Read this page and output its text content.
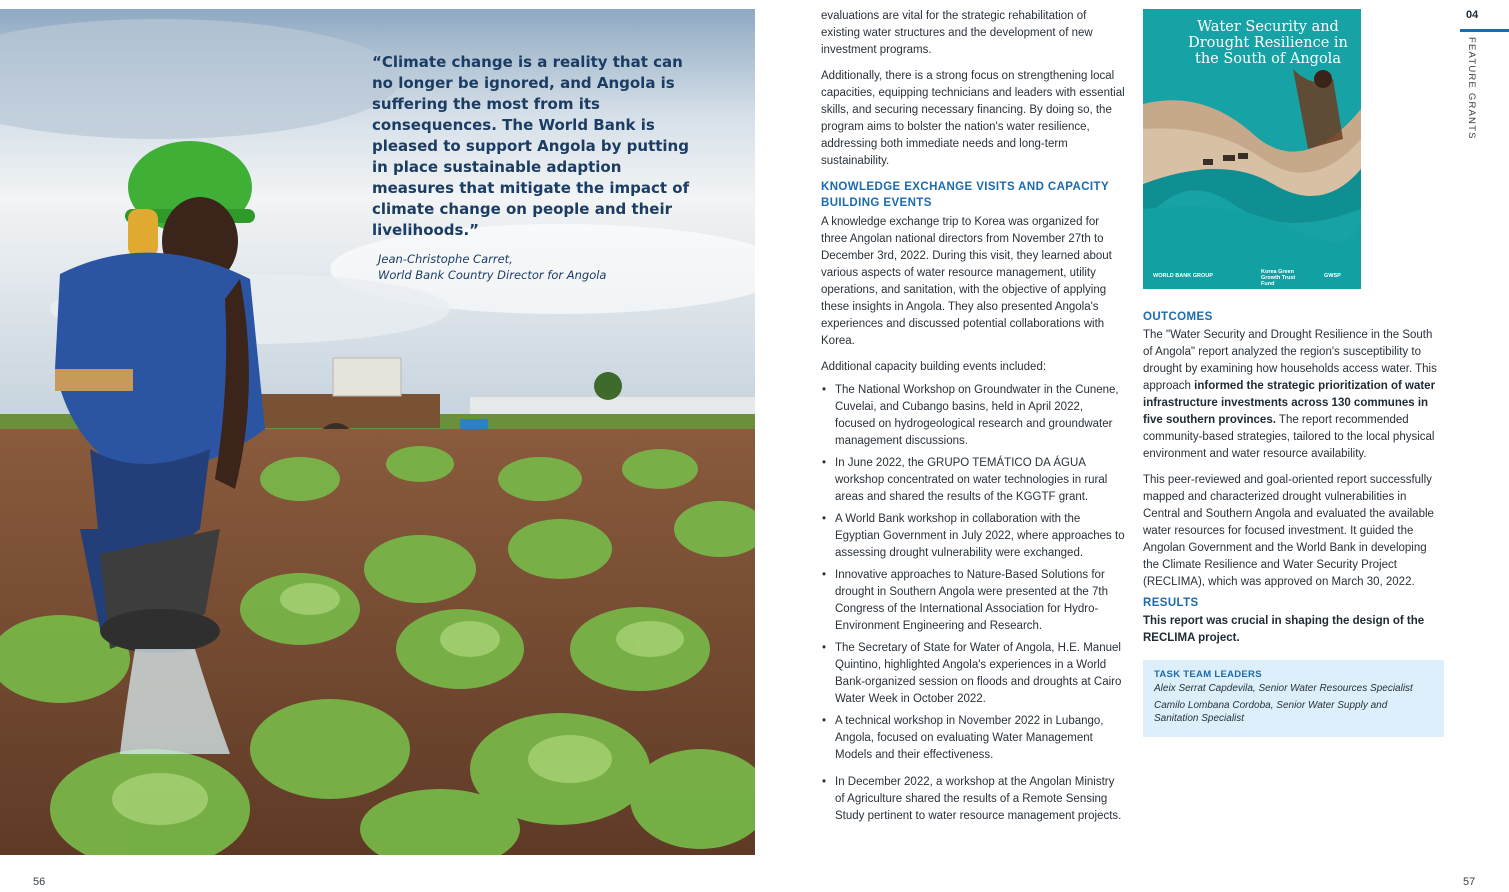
“Climate change is a reality that can no longer be ignored, and Angola is suffering the most from its consequences. The World Bank is pleased to support Angola by putting in place sustainable adaption measures that mitigate the impact of climate change on people and their livelihoods.”
Jean-Christophe Carret,
World Bank Country Director for Angola

evaluations are vital for the strategic rehabilitation of existing water structures and the development of new investment programs.

Additionally, there is a strong focus on strengthening local capacities, equipping technicians and leaders with essential skills, and securing necessary financing. By doing so, the program aims to bolster the nation's water resilience, addressing both immediate needs and long-term sustainability.

KNOWLEDGE EXCHANGE VISITS AND CAPACITY BUILDING EVENTS

A knowledge exchange trip to Korea was organized for three Angolan national directors from November 27th to December 3rd, 2022. During this visit, they learned about various aspects of water resource management, utility operations, and sanitation, with the objective of applying these insights in Angola. They also presented Angola's experiences and discussed potential collaborations with Korea.

Additional capacity building events included:

• The National Workshop on Groundwater in the Cunene, Cuvelai, and Cubango basins, held in April 2022, focused on hydrogeological research and groundwater management discussions.
• In June 2022, the GRUPO TEMÁTICO DA ÁGUA workshop concentrated on water technologies in rural areas and shared the results of the KGGTF grant.
• A World Bank workshop in collaboration with the Egyptian Government in July 2022, where approaches to assessing drought vulnerability were exchanged.
• Innovative approaches to Nature-Based Solutions for drought in Southern Angola were presented at the 7th Congress of the International Association for Hydro-Environment Engineering and Research.
• The Secretary of State for Water of Angola, H.E. Manuel Quintino, highlighted Angola's experiences in a World Bank-organized session on floods and droughts at Cairo Water Week in October 2022.
• A technical workshop in November 2022 in Lubango, Angola, focused on evaluating Water Management Models and their effectiveness.
• In December 2022, a workshop at the Angolan Ministry of Agriculture shared the results of a Remote Sensing Study pertinent to water resource management projects.
Water Security and
Drought Resilience in
the South of Angola
WORLD BANK GROUP
Korea Green Growth Trust Fund
GWSP
OUTCOMES

The "Water Security and Drought Resilience in the South of Angola" report analyzed the region's susceptibility to drought by examining how households access water. This approach informed the strategic prioritization of water infrastructure investments across 130 communes in five southern provinces. The report recommended community-based strategies, tailored to the local physical environment and water resource availability.

This peer-reviewed and goal-oriented report successfully mapped and characterized drought vulnerabilities in Central and Southern Angola and evaluated the available water resources for focused investment. It guided the Angolan Government and the World Bank in developing the Climate Resilience and Water Security Project (RECLIMA), which was approved on March 30, 2022.

RESULTS

This report was crucial in shaping the design of the RECLIMA project.

TASK TEAM LEADERS
Aleix Serrat Capdevila, Senior Water Resources Specialist
Camilo Lombana Cordoba, Senior Water Supply and Sanitation Specialist
04
FEATURE GRANTS
56	57
